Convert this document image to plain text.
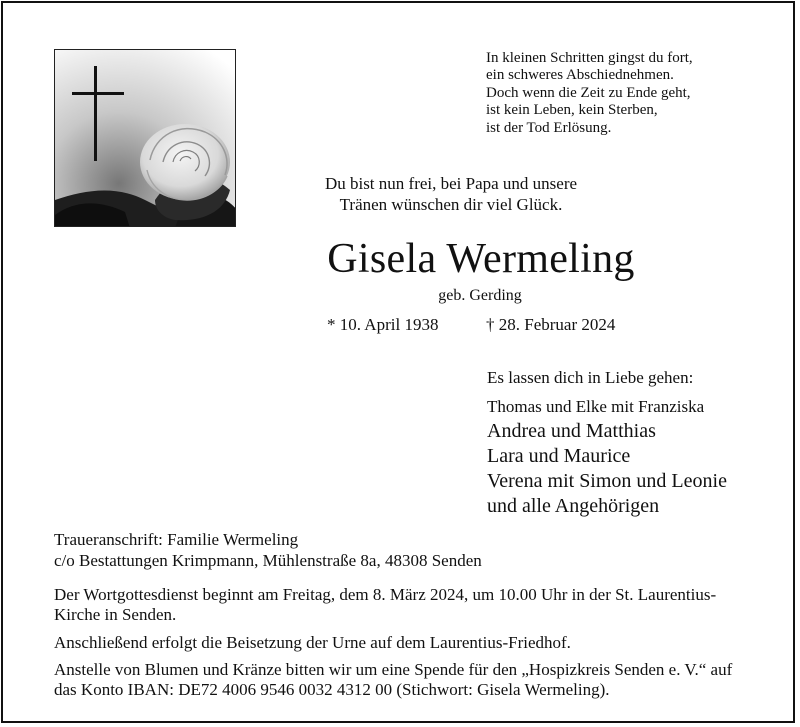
In kleinen Schritten gingst du fort,
ein schweres Abschiednehmen.
Doch wenn die Zeit zu Ende geht,
ist kein Leben, kein Sterben,
ist der Tod Erlösung.
Du bist nun frei, bei Papa und unsere
Tränen wünschen dir viel Glück.
Gisela Wermeling
geb. Gerding
* 10. April 1938	† 28. Februar 2024
Es lassen dich in Liebe gehen:
Thomas und Elke mit Franziska
Andrea und Matthias
Lara und Maurice
Verena mit Simon und Leonie
und alle Angehörigen
Traueranschrift: Familie Wermeling
c/o Bestattungen Krimpmann, Mühlenstraße 8a, 48308 Senden
Der Wortgottesdienst beginnt am Freitag, dem 8. März 2024, um 10.00 Uhr in der St. Laurentius-Kirche in Senden.
Anschließend erfolgt die Beisetzung der Urne auf dem Laurentius-Friedhof.
Anstelle von Blumen und Kränze bitten wir um eine Spende für den „Hospizkreis Senden e. V.“ auf das Konto IBAN: DE72 4006 9546 0032 4312 00 (Stichwort: Gisela Wermeling).
